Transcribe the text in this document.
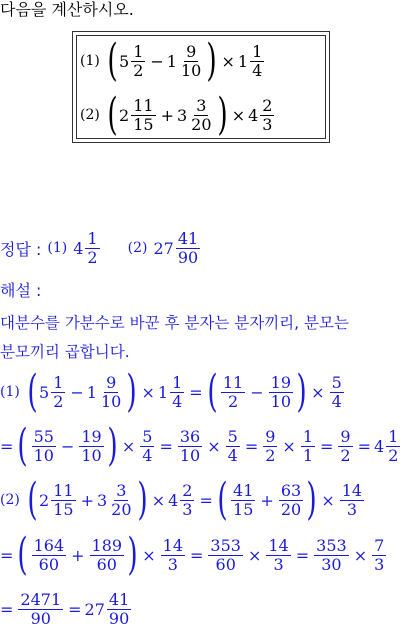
다음을 계산하시오.
(1) ( $5 \frac{1}{2} - 1 \frac{9}{10}$ ) × $1 \frac{1}{4}$
(2) ( $2 \frac{11}{15} + 3 \frac{3}{20}$ ) × $4 \frac{2}{3}$
정답 : (1) $4 \frac{1}{2} (2)$ $27 \frac{41}{90}$
해설 :
대분수를 가분수로 바꾼 후 분자는 분자끼리, 분모는
분모끼리 곱합니다.
(1) ( $5 \frac{1}{2} - 1 \frac{9}{10}$ ) × $1 \frac{1}{4}$ = ( $\frac{11}{2} - \frac{19}{10}$ ) × $\frac{5}{4}$
= ( $\frac{55}{10} - \frac{19}{10}$ ) × $\frac{5}{4} = \frac{36}{10} \times \frac{5}{4} = \frac{9}{2} \times \frac{1}{1} = \frac{9}{2} = 4 \frac{1}{2}$
(2) ( $2 \frac{11}{15} + 3 \frac{3}{20}$ ) × $4 \frac{2}{3}$ = ( $\frac{41}{15} + \frac{63}{20}$ ) × $\frac{14}{3}$
= ( $\frac{164}{60} + \frac{189}{60}$ ) × $\frac{14}{3} = \frac{353}{60} \times \frac{14}{3} = \frac{353}{30} \times \frac{7}{3}$
= $\frac{2471}{90} = 27 \frac{41}{90}$
